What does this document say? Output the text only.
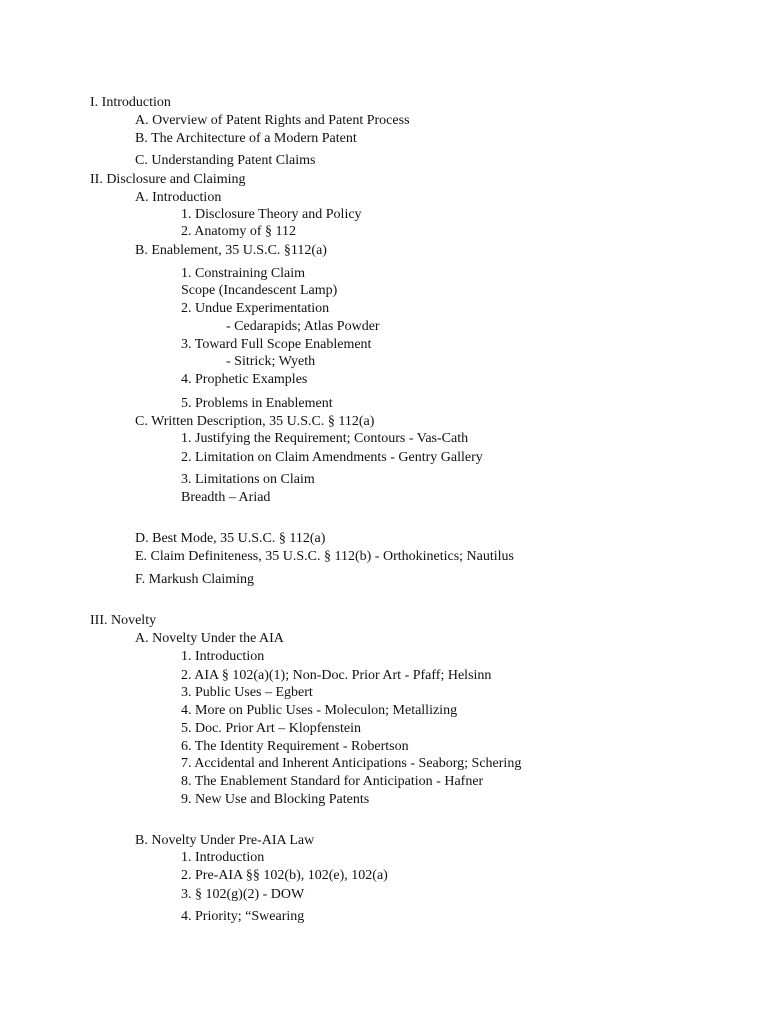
I. Introduction
A. Overview of Patent Rights and Patent Process
B. The Architecture of a Modern Patent
C. Understanding Patent Claims
II. Disclosure and Claiming
A. Introduction
1. Disclosure Theory and Policy
2. Anatomy of § 112
B. Enablement, 35 U.S.C. §112(a)
1. Constraining Claim
Scope (Incandescent Lamp)
2. Undue Experimentation
- Cedarapids; Atlas Powder
3. Toward Full Scope Enablement
- Sitrick; Wyeth
4. Prophetic Examples
5. Problems in Enablement
C. Written Description, 35 U.S.C. § 112(a)
1. Justifying the Requirement; Contours - Vas-Cath
2. Limitation on Claim Amendments - Gentry Gallery
3. Limitations on Claim
Breadth – Ariad
D. Best Mode, 35 U.S.C. § 112(a)
E. Claim Definiteness, 35 U.S.C. § 112(b) - Orthokinetics; Nautilus
F. Markush Claiming
III. Novelty
A. Novelty Under the AIA
1. Introduction
2. AIA § 102(a)(1); Non-Doc. Prior Art - Pfaff; Helsinn
3. Public Uses – Egbert
4. More on Public Uses - Moleculon; Metallizing
5. Doc. Prior Art – Klopfenstein
6. The Identity Requirement - Robertson
7. Accidental and Inherent Anticipations - Seaborg; Schering
8. The Enablement Standard for Anticipation - Hafner
9. New Use and Blocking Patents
B. Novelty Under Pre-AIA Law
1. Introduction
2. Pre-AIA §§ 102(b), 102(e), 102(a)
3. § 102(g)(2) - DOW
4. Priority; “Swearing
